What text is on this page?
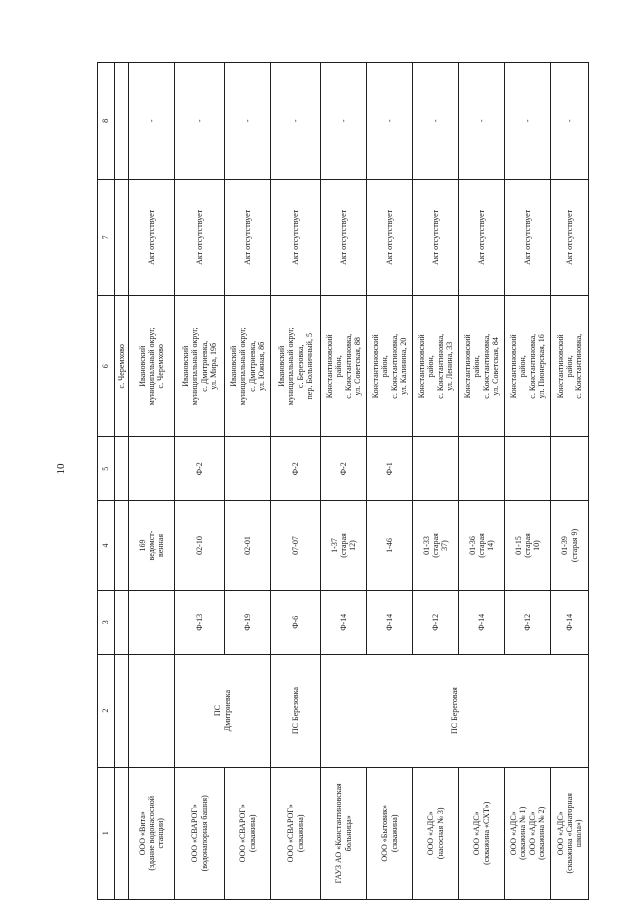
10
1	2	3	4	5	6	7	8
					с. Черемхово		
ООО «Вита»
(здание водонасосной
станции)			169
ведомст-
венная		Ивановский
муниципальный округ,
с. Черемхово	Акт отсутствует	-
ООО «СВАРОГ»
(водонапорная башня)	ПС
Дмитриевка	Ф-13	02-10	Ф-2	Ивановский
муниципальный округ,
с. Дмитриевка,
ул. Мира, 19б	Акт отсутствует	-
ООО «СВАРОГ»
(скважина)		Ф-19	02-01		Ивановский
муниципальный округ,
с. Дмитриевка,
ул. Южная, 8б	Акт отсутствует	-
ООО «СВАРОГ»
(скважина)	ПС Березовка	Ф-6	07-07	Ф-2	Ивановский
муниципальный округ,
с. Березовка,
пер. Больничный, 5	Акт отсутствует	-
ГАУЗ АО «Константиновская
больница»	ПС Береговая	Ф-14	1-37
(старая
12)	Ф-2	Константиновский
район,
с. Константиновка,
ул. Советская, 88	Акт отсутствует	-
ООО «Бытовик»
(скважина)		Ф-14	1-46	Ф-1	Константиновский
район,
с. Константиновка,
ул. Калинина, 20	Акт отсутствует	-
ООО «АДС»
(насосная № 3)		Ф-12	01-33
(старая
37)		Константиновский
район,
с. Константиновка,
ул. Ленина, 33	Акт отсутствует	-
ООО «АДС»
(скважина «СХТ»)		Ф-14	01-36
(старая
14)		Константиновский
район,
с. Константиновка,
ул. Советская, 84	Акт отсутствует	-
ООО «АДС»
(скважина № 1)
ООО «АДС»
(скважина № 2)		Ф-12	01-15
(старая
10)		Константиновский
район,
с. Константиновка,
ул. Пионерская, 16	Акт отсутствует	-
ООО «АДС»
(скважина «Санаторная
школа»)		Ф-14	01-39
(старая 9)		Константиновский
район,
с. Константиновка,	Акт отсутствует	-
